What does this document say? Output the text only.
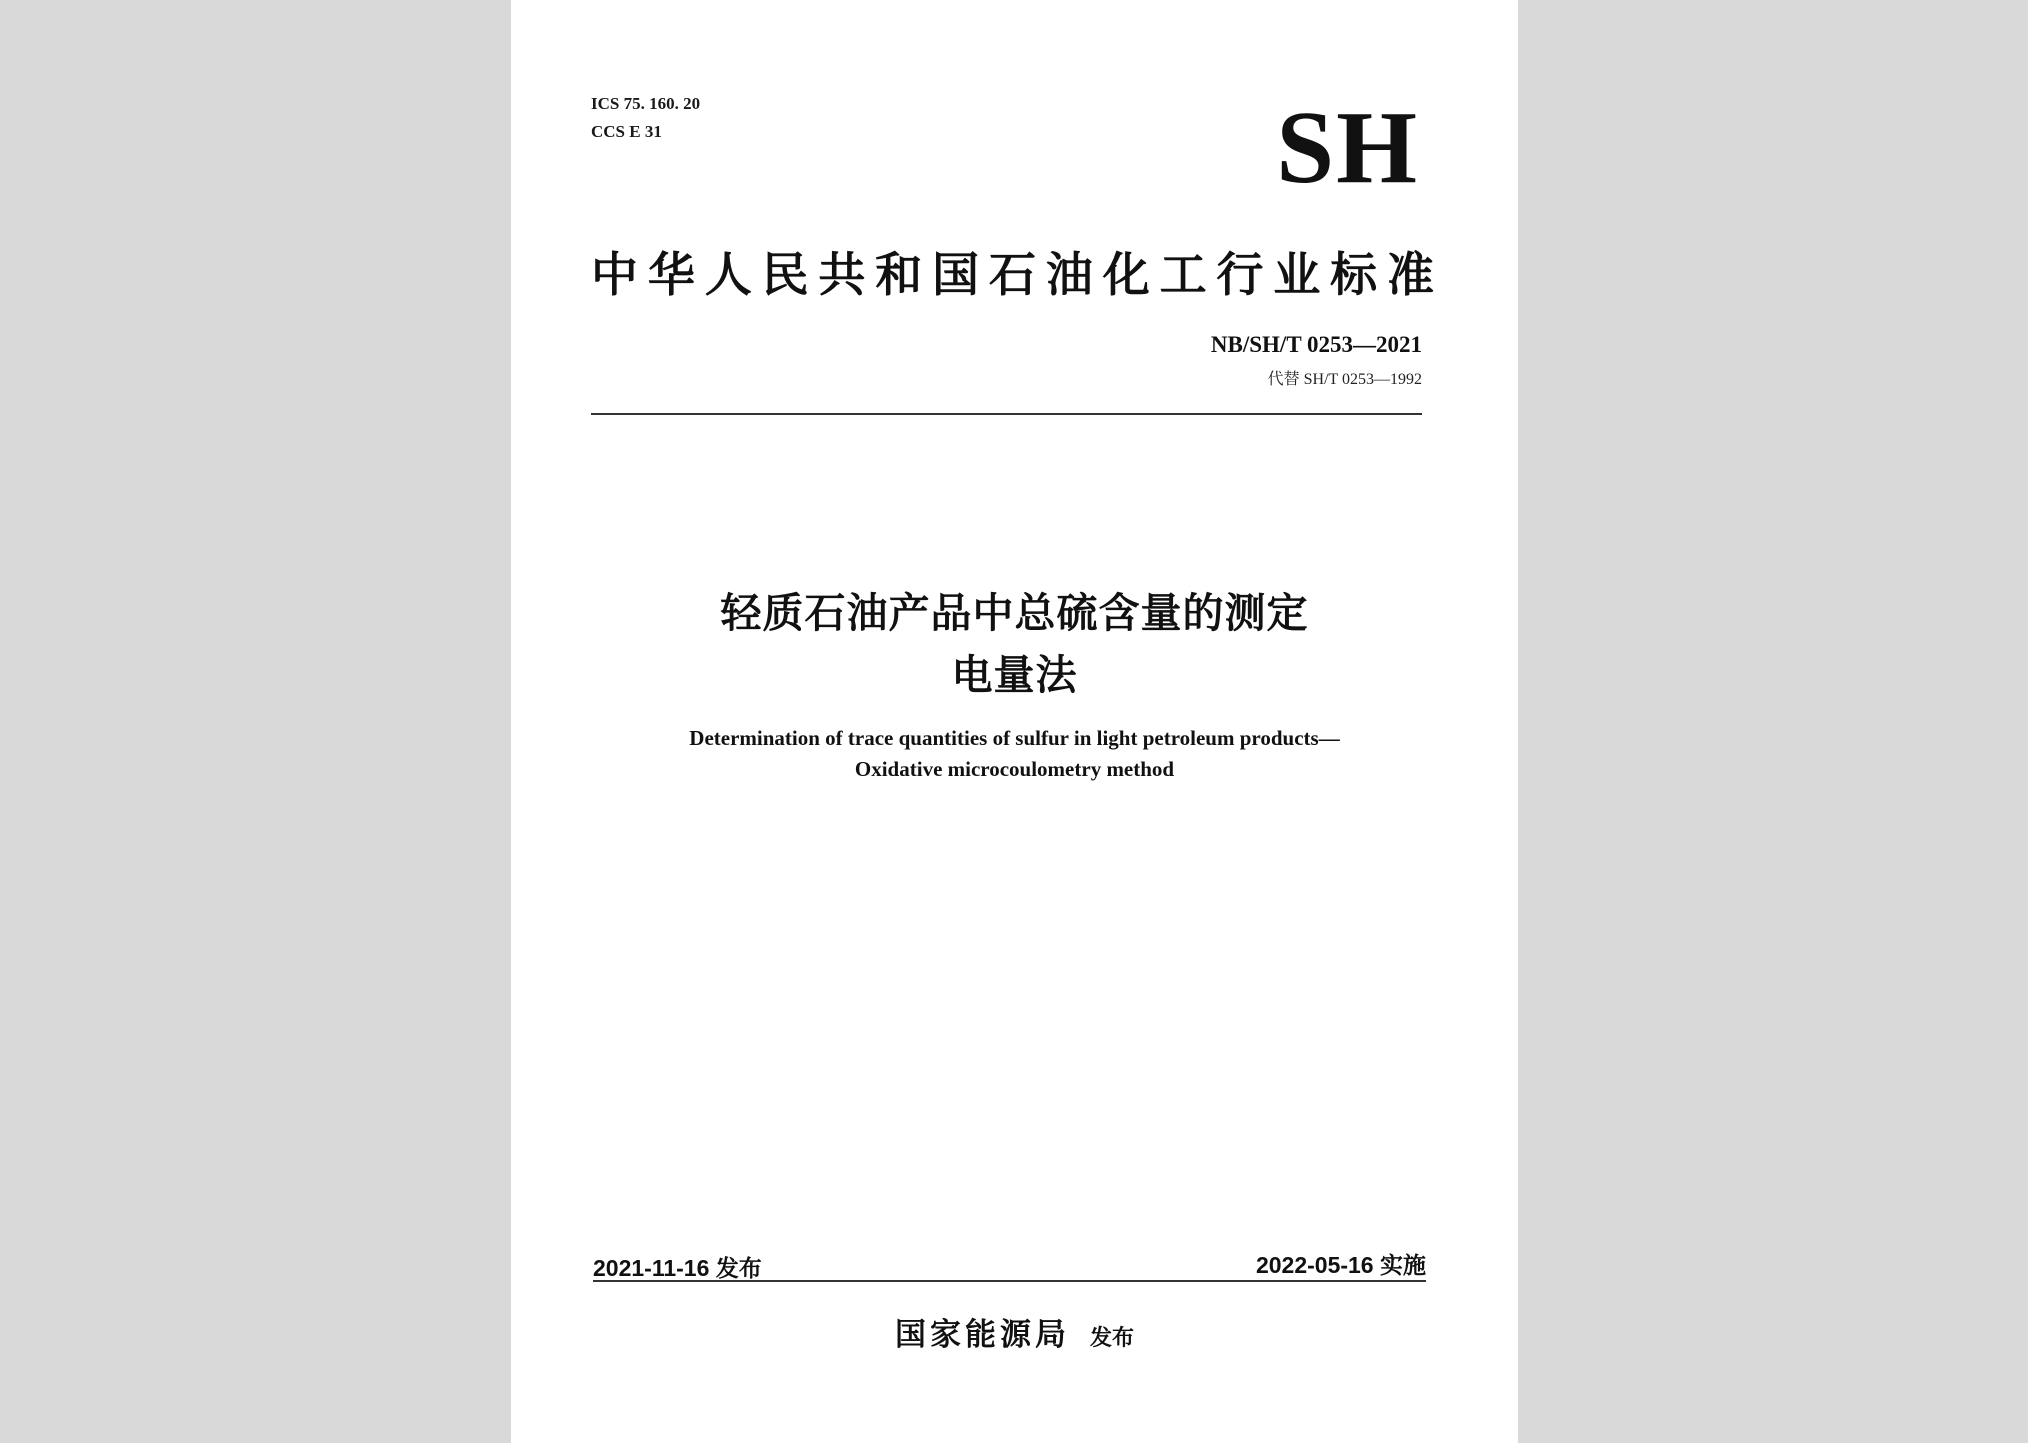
ICS 75. 160. 20
CCS E 31	SH
中华人民共和国石油化工行业标准
NB/SH/T 0253—2021
代替 SH/T 0253—1992
轻质石油产品中总硫含量的测定
电量法
Determination of trace quantities of sulfur in light petroleum products—
Oxidative microcoulometry method
2021-11-16 发布	2022-05-16 实施
国家能源局 发布
